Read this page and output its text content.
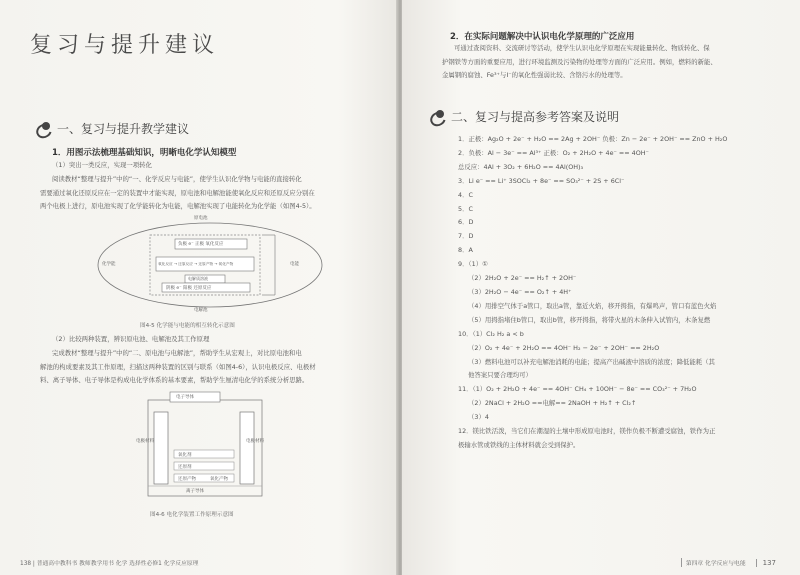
复习与提升建议
一、复习与提升教学建议
1．用图示法梳理基础知识，明晰电化学认知模型
（1）突出一类反应，实现一项转化
阅读教材“整理与提升”中的“一、化学反应与电能”，使学生认识化学物与电能的直接转化
需要通过氧化还原反应在一定的装置中才能实现，原电池和电解池能使氧化反应和还原反应分别在
两个电极上进行，原电池实现了化学能转化为电能，电解池实现了电能转化为化学能（如图4-5）。
原电池
电能
化学能
电解池
负极 e⁻ 正极 氧化反应
氧化反应 → 还原反应 → 还原产物 → 氧化产物
电解质溶液
阴极 e⁻ 阳极 还原反应
图4-5 化学能与电能的相互转化示意图
（2）比较两种装置，辨识原电池、电解池及其工作原理
完成教材“整理与提升”中的“二、原电池与电解池”，帮助学生从宏观上，对比原电池和电
解池的构成要素及其工作原理，扫描这两种装置的区别与联系（如图4-6），认识电极反应、电极材
料、离子导体、电子导体是构成电化学体系的基本要素，帮助学生厘清电化学的系统分析思路。
电子导体
氧化剂
还原剂
还原产物	氧化产物
离子导体
电极材料	电极材料
图4-6 电化学装置工作原理示意图
138 | 普通高中教科书 教师教学用书 化学 选择性必修1 化学反应原理
2．在实际问题解决中认识电化学原理的广泛应用
可通过查阅资料、交流研讨等活动，使学生认识电化学原理在实现能量转化、物质转化、保
护钢铁等方面的重要应用，进行环境监测及污染物的处理等方面的广泛应用。例如，燃料的新能、
金属钢的腐蚀、Fe³⁺与I⁻的氧化性强弱比较、含铬污水的处理等。
二、复习与提高参考答案及说明
1．正极：Ag₂O + 2e⁻ + H₂O == 2Ag + 2OH⁻ 负极：Zn − 2e⁻ + 2OH⁻ == ZnO + H₂O
2．负极：Al − 3e⁻ == Al³⁺ 正极：O₂ + 2H₂O + 4e⁻ == 4OH⁻
总反应：4Al + 3O₂ + 6H₂O == 4Al(OH)₃
3．Li e⁻ == Li⁺ 3SOCl₂ + 8e⁻ == SO₃²⁻ + 2S + 6Cl⁻
4．C
5．C
6．D
7．D
8．A
9．（1）①
（2）2H₂O + 2e⁻ == H₂↑ + 2OH⁻
（3）2H₂O − 4e⁻ == O₂↑ + 4H⁺
（4）用排空气体于a管口，取出a管，靠近火焰，移开拇指，有爆鸣声，管口有蓝色火焰
（5）用拇指堵住b管口，取出b管，移开拇指，将带火星的木条伸入试管内，木条复燃
10．（1）Cl₂ H₂ a < b
（2）O₂ + 4e⁻ + 2H₂O == 4OH⁻ H₂ − 2e⁻ + 2OH⁻ == 2H₂O
（3）燃料电池可以补充电解池消耗的电能；提高产出碱液中溶质的浓度；降低能耗（其
他答案只要合理均可）
11．（1）O₂ + 2H₂O + 4e⁻ == 4OH⁻ CH₄ + 10OH⁻ − 8e⁻ == CO₃²⁻ + 7H₂O
（2）2NaCl + 2H₂O ==电解== 2NaOH + H₂↑ + Cl₂↑
（3）4
12．镁比铁活泼，当它们在潮湿的土壤中形成原电池时，镁作负极不断遭受腐蚀，铁作为正
极输水管或铁线的主体材料就会受到保护。
第四章 化学反应与电能	137
